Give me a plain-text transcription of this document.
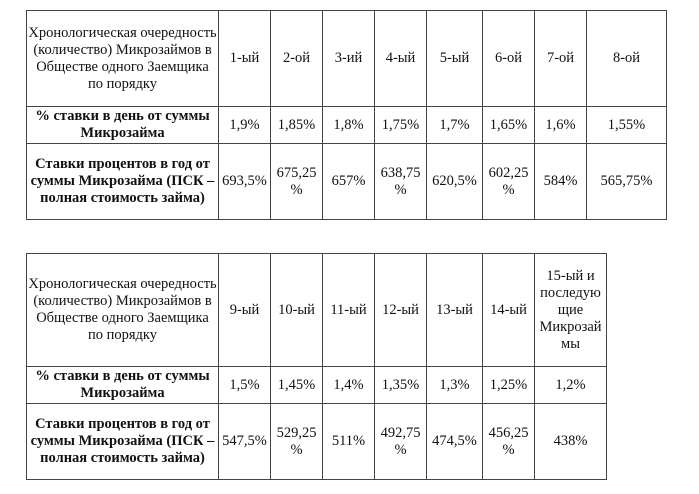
Хронологическая очередность (количество) Микрозаймов в Обществе одного Заемщика по порядку	1-ый	2-ой	3-ий	4-ый	5-ый	6-ой	7-ой	8-ой
% ставки в день от суммы Микрозайма	1,9%	1,85%	1,8%	1,75%	1,7%	1,65%	1,6%	1,55%
Ставки процентов в год от суммы Микрозайма (ПСК – полная стоимость займа)	693,5%	675,25%	657%	638,75%	620,5%	602,25%	584%	565,75%
Хронологическая очередность (количество) Микрозаймов в Обществе одного Заемщика по порядку	9-ый	10-ый	11-ый	12-ый	13-ый	14-ый	15-ый и последующие Микрозаймы
% ставки в день от суммы Микрозайма	1,5%	1,45%	1,4%	1,35%	1,3%	1,25%	1,2%
Ставки процентов в год от суммы Микрозайма (ПСК – полная стоимость займа)	547,5%	529,25%	511%	492,75%	474,5%	456,25%	438%
